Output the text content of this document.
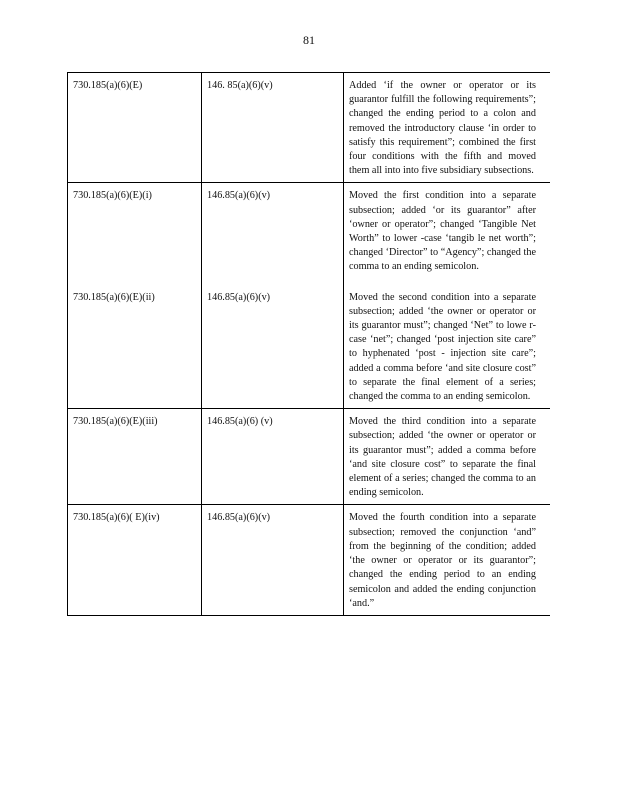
81
730.185(a)(6)(E)	146. 85(a)(6)(v)	Added ‘if the owner or operator or its guarantor fulfill the following requirements”; changed the ending period to a colon and removed the introductory clause ‘in order to satisfy this requirement”; combined the first four conditions with the fifth and moved them all into into five subsidiary subsections.
730.185(a)(6)(E)(i)	146.85(a)(6)(v)	Moved the first condition into a separate subsection; added ‘or its guarantor” after ‘owner or operator”; changed ‘Tangible Net Worth” to lower -case ‘tangib le net worth”; changed ‘Director” to “Agency”; changed the comma to an ending semicolon.
730.185(a)(6)(E)(ii)	146.85(a)(6)(v)	Moved the second condition into a separate subsection; added ‘the owner or operator or its guarantor must”; changed ‘Net” to lowe r-case ‘net”; changed ‘post injection site care” to hyphenated ‘post - injection site care”; added a comma before ‘and site closure cost” to separate the final element of a series; changed the comma to an ending semicolon.
730.185(a)(6)(E)(iii)	146.85(a)(6) (v)	Moved the third condition into a separate subsection; added ‘the owner or operator or its guarantor must”; added a comma before ‘and site closure cost” to separate the final element of a series; changed the comma to an ending semicolon.
730.185(a)(6)( E)(iv)	146.85(a)(6)(v)	Moved the fourth condition into a separate subsection; removed the conjunction ‘and” from the beginning of the condition; added ‘the owner or operator or its guarantor”; changed the ending period to an ending semicolon and added the ending conjunction ‘and.”
